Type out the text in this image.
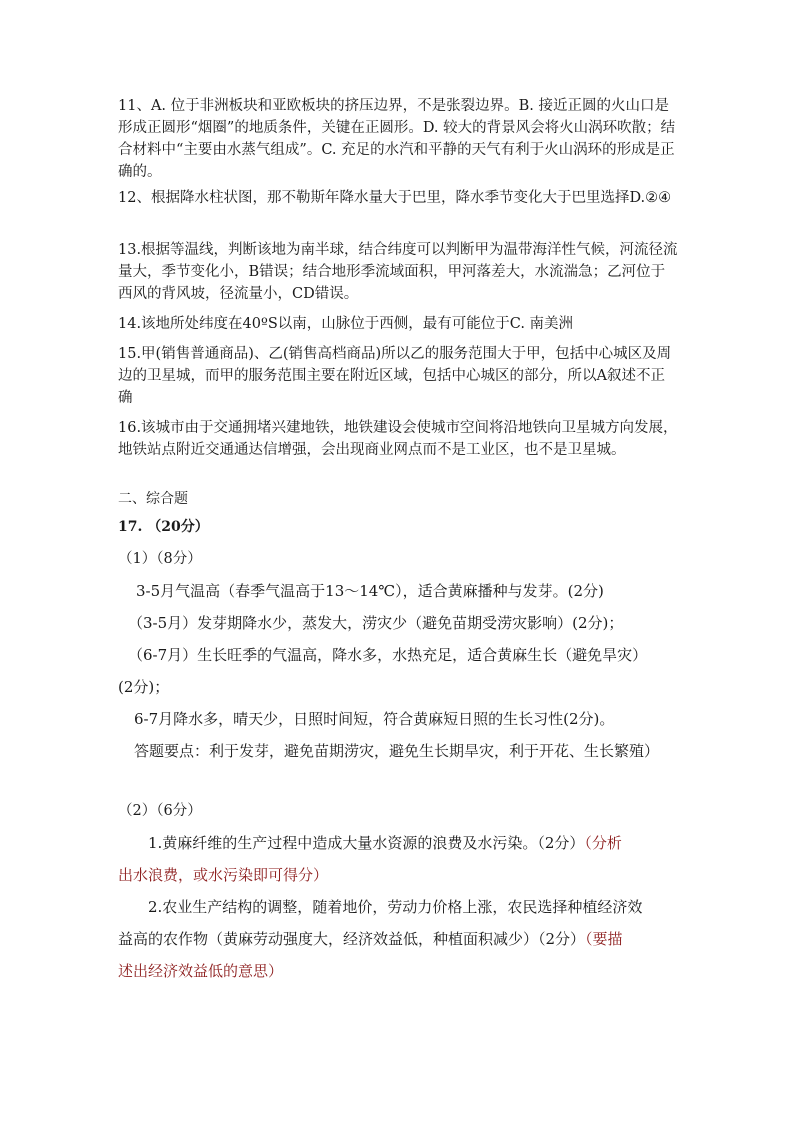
11、A. 位于非洲板块和亚欧板块的挤压边界，不是张裂边界。B. 接近正圆的火山口是形成正圆形“烟圈”的地质条件，关键在正圆形。D. 较大的背景风会将火山涡环吹散；结合材料中“主要由水蒸气组成”。C. 充足的水汽和平静的天气有利于火山涡环的形成是正确的。

12、根据降水柱状图，那不勒斯年降水量大于巴里，降水季节变化大于巴里选择D.②④

13.根据等温线，判断该地为南半球，结合纬度可以判断甲为温带海洋性气候，河流径流量大，季节变化小，B错误；结合地形季流域面积，甲河落差大，水流湍急；乙河位于西风的背风坡，径流量小，CD错误。

14.该地所处纬度在40ºS以南，山脉位于西侧，最有可能位于C. 南美洲

15.甲(销售普通商品)、乙(销售高档商品)所以乙的服务范围大于甲，包括中心城区及周边的卫星城，而甲的服务范围主要在附近区域，包括中心城区的部分，所以A叙述不正确

16.该城市由于交通拥堵兴建地铁，地铁建设会使城市空间将沿地铁向卫星城方向发展，地铁站点附近交通通达信增强，会出现商业网点而不是工业区，也不是卫星城。

二、综合题

17. （20分）

（1）（8分）

3-5月气温高（春季气温高于13～14℃），适合黄麻播种与发芽。(2分)

（3-5月）发芽期降水少，蒸发大，涝灾少（避免苗期受涝灾影响）(2分)；

（6-7月）生长旺季的气温高，降水多，水热充足，适合黄麻生长（避免旱灾）

(2分)；

6-7月降水多，晴天少，日照时间短，符合黄麻短日照的生长习性(2分)。

答题要点：利于发芽，避免苗期涝灾，避免生长期旱灾，利于开花、生长繁殖）

（2）（6分）

1.黄麻纤维的生产过程中造成大量水资源的浪费及水污染。（2分）（分析

出水浪费，或水污染即可得分）

2.农业生产结构的调整，随着地价，劳动力价格上涨，农民选择种植经济效

益高的农作物（黄麻劳动强度大，经济效益低，种植面积减少）（2分）（要描

述出经济效益低的意思）
